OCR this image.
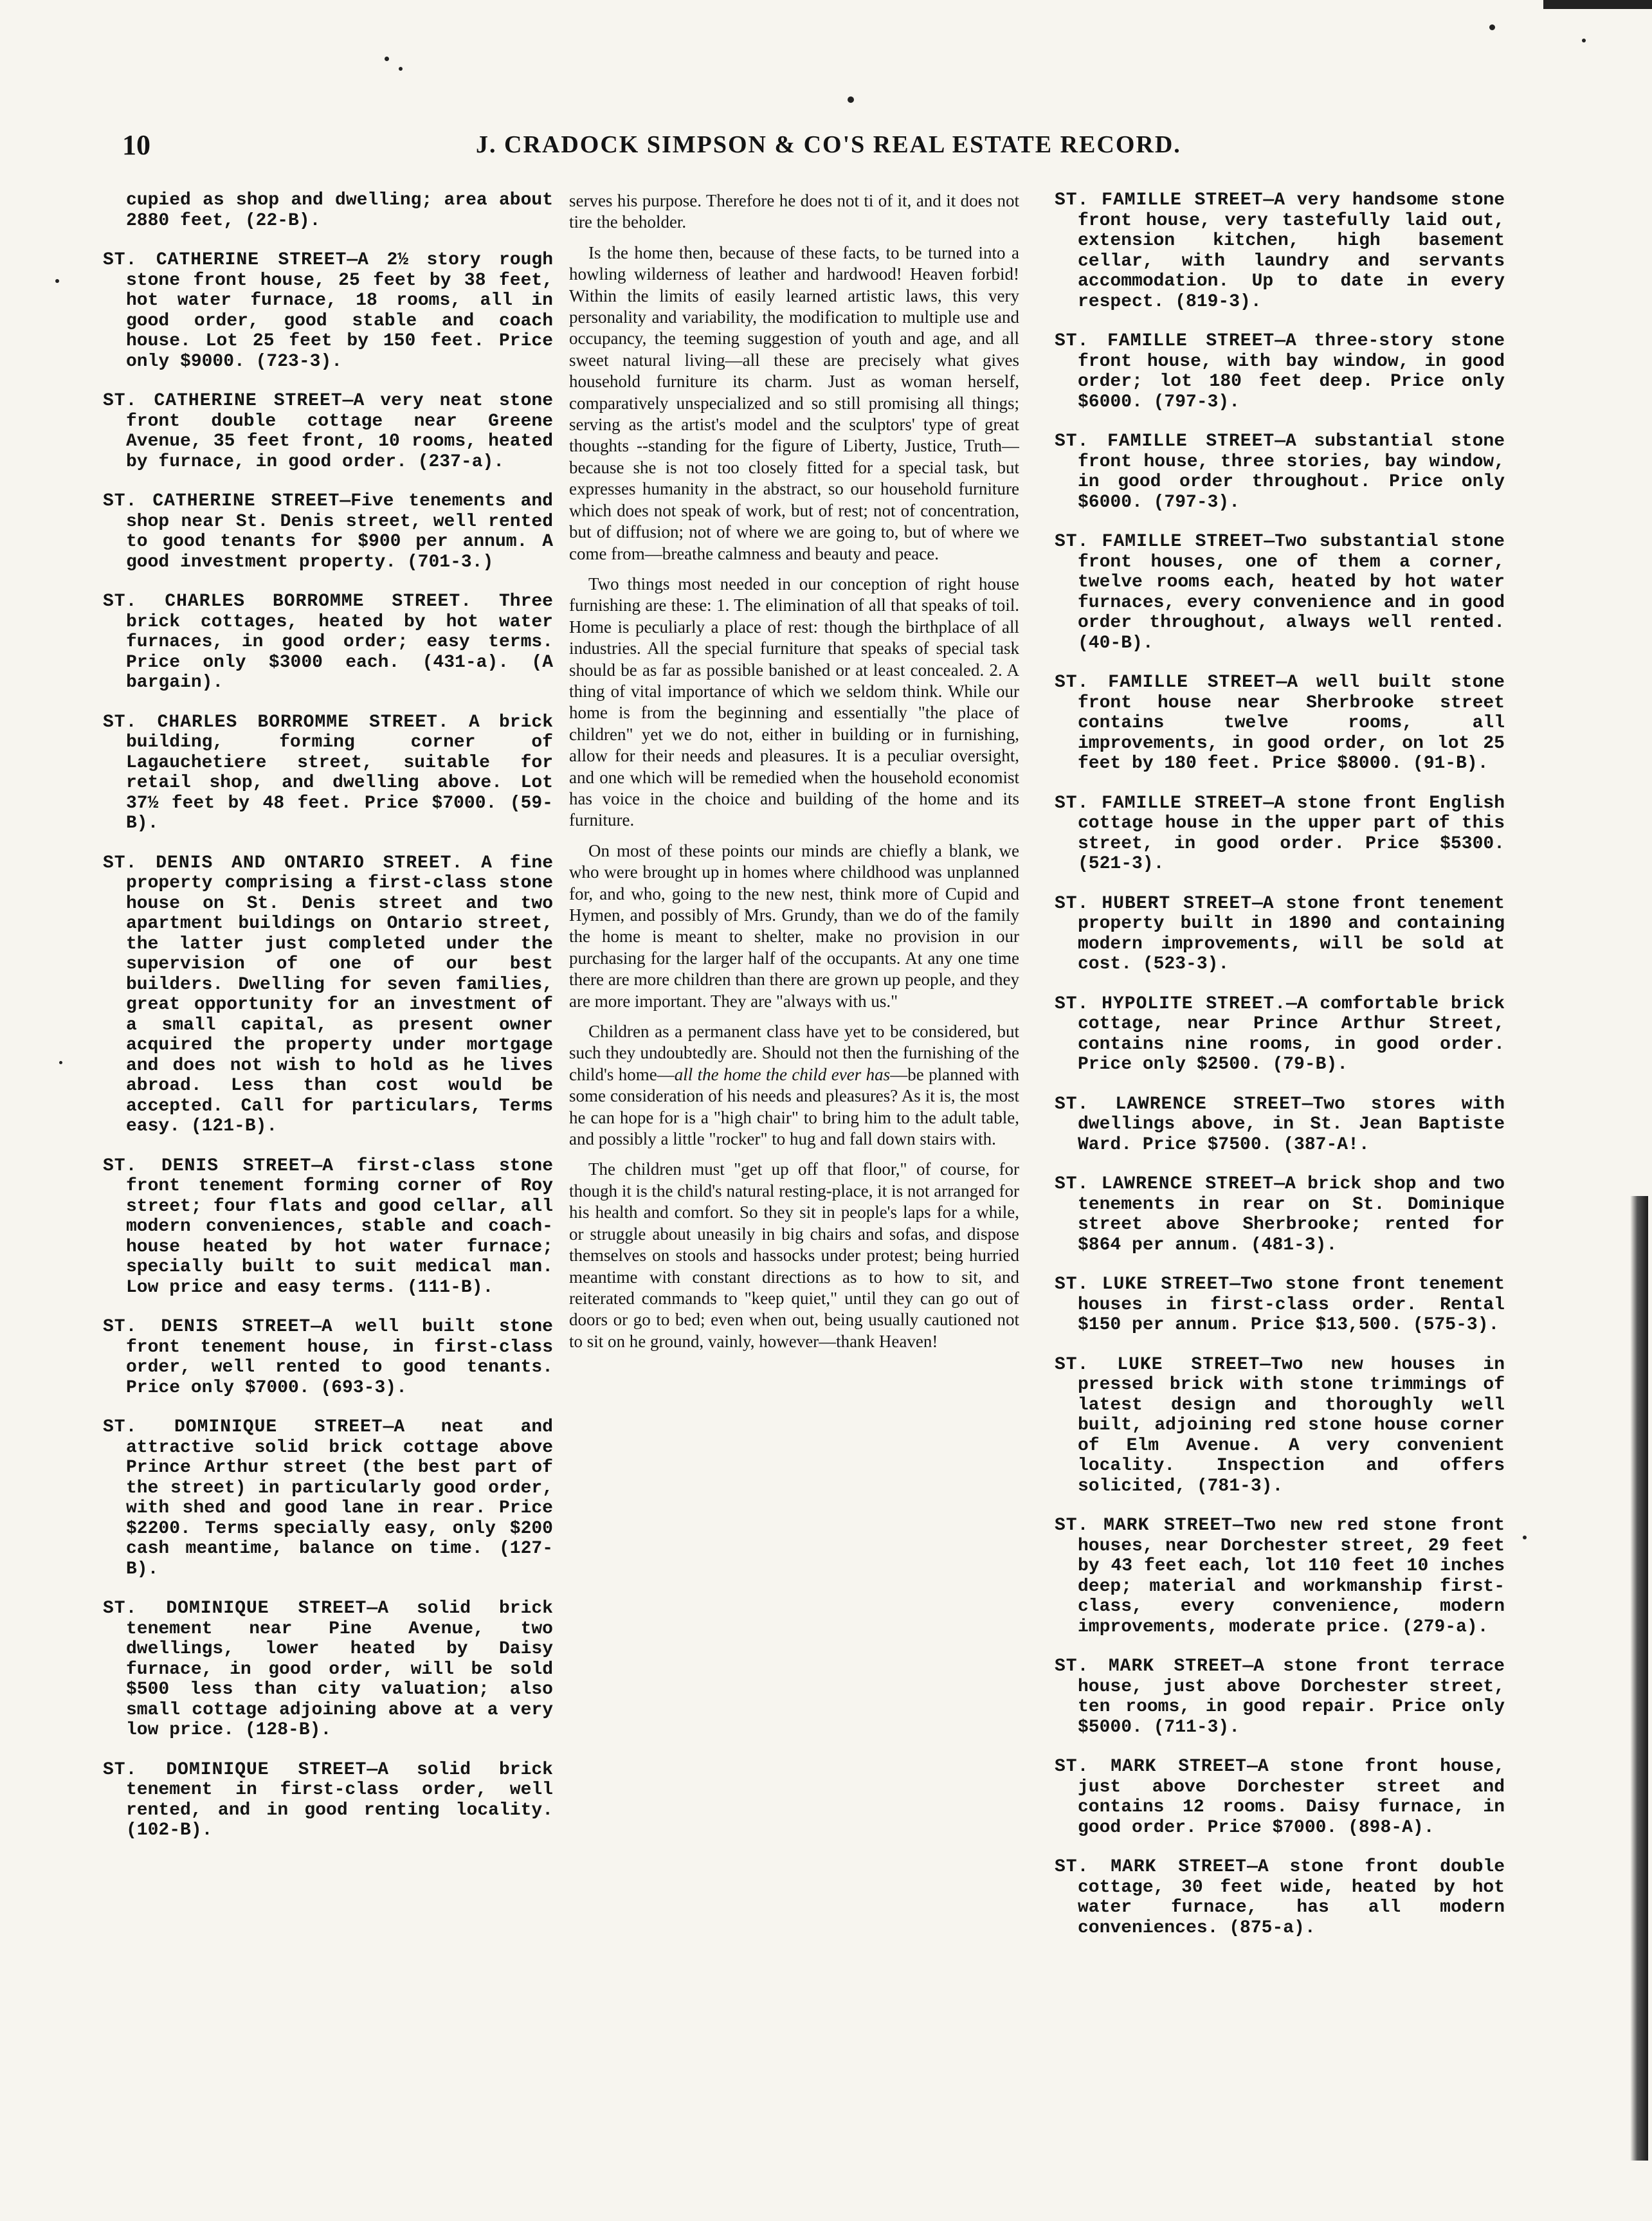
10	J. CRADOCK SIMPSON & CO'S REAL ESTATE RECORD.

cupied as shop and dwelling; area about 2880 feet, (22-B).

ST. CATHERINE STREET—A 2½ story rough stone front house, 25 feet by 38 feet, hot water furnace, 18 rooms, all in good order, good stable and coach house. Lot 25 feet by 150 feet. Price only $9000. (723-3).

ST. CATHERINE STREET—A very neat stone front double cottage near Greene Avenue, 35 feet front, 10 rooms, heated by furnace, in good order. (237-a).

ST. CATHERINE STREET—Five tenements and shop near St. Denis street, well rented to good tenants for $900 per annum. A good investment property. (701-3.)

ST. CHARLES BORROMME STREET. Three brick cottages, heated by hot water furnaces, in good order; easy terms. Price only $3000 each. (431-a). (A bargain).

ST. CHARLES BORROMME STREET. A brick building, forming corner of Lagauchetiere street, suitable for retail shop, and dwelling above. Lot 37½ feet by 48 feet. Price $7000. (59-B).

ST. DENIS AND ONTARIO STREET. A fine property comprising a first-class stone house on St. Denis street and two apartment buildings on Ontario street, the latter just completed under the supervision of one of our best builders. Dwelling for seven families, great opportunity for an investment of a small capital, as present owner acquired the property under mortgage and does not wish to hold as he lives abroad. Less than cost would be accepted. Call for particulars, Terms easy. (121-B).

ST. DENIS STREET—A first-class stone front tenement forming corner of Roy street; four flats and good cellar, all modern conveniences, stable and coach-house heated by hot water furnace; specially built to suit medical man. Low price and easy terms. (111-B).

ST. DENIS STREET—A well built stone front tenement house, in first-class order, well rented to good tenants. Price only $7000. (693-3).

ST. DOMINIQUE STREET—A neat and attractive solid brick cottage above Prince Arthur street (the best part of the street) in particularly good order, with shed and good lane in rear. Price $2200. Terms specially easy, only $200 cash meantime, balance on time. (127-B).

ST. DOMINIQUE STREET—A solid brick tenement near Pine Avenue, two dwellings, lower heated by Daisy furnace, in good order, will be sold $500 less than city valuation; also small cottage adjoining above at a very low price. (128-B).

ST. DOMINIQUE STREET—A solid brick tenement in first-class order, well rented, and in good renting locality. (102-B).

serves his purpose. Therefore he does not ti of it, and it does not tire the beholder.

Is the home then, because of these facts, to be turned into a howling wilderness of leather and hardwood! Heaven forbid! Within the limits of easily learned artistic laws, this very personality and variability, the modification to multiple use and occupancy, the teeming suggestion of youth and age, and all sweet natural living—all these are precisely what gives household furniture its charm. Just as woman herself, comparatively unspecialized and so still promising all things; serving as the artist's model and the sculptors' type of great thoughts --standing for the figure of Liberty, Justice, Truth—because she is not too closely fitted for a special task, but expresses humanity in the abstract, so our household furniture which does not speak of work, but of rest; not of concentration, but of diffusion; not of where we are going to, but of where we come from—breathe calmness and beauty and peace.

Two things most needed in our conception of right house furnishing are these: 1. The elimination of all that speaks of toil. Home is peculiarly a place of rest: though the birthplace of all industries. All the special furniture that speaks of special task should be as far as possible banished or at least concealed. 2. A thing of vital importance of which we seldom think. While our home is from the beginning and essentially "the place of children" yet we do not, either in building or in furnishing, allow for their needs and pleasures. It is a peculiar oversight, and one which will be remedied when the household economist has voice in the choice and building of the home and its furniture.

On most of these points our minds are chiefly a blank, we who were brought up in homes where childhood was unplanned for, and who, going to the new nest, think more of Cupid and Hymen, and possibly of Mrs. Grundy, than we do of the family the home is meant to shelter, make no provision in our purchasing for the larger half of the occupants. At any one time there are more children than there are grown up people, and they are more important. They are "always with us."

Children as a permanent class have yet to be considered, but such they undoubtedly are. Should not then the furnishing of the child's home—all the home the child ever has—be planned with some consideration of his needs and pleasures? As it is, the most he can hope for is a "high chair" to bring him to the adult table, and possibly a little "rocker" to hug and fall down stairs with.

The children must "get up off that floor," of course, for though it is the child's natural resting-place, it is not arranged for his health and comfort. So they sit in people's laps for a while, or struggle about uneasily in big chairs and sofas, and dispose themselves on stools and hassocks under protest; being hurried meantime with constant directions as to how to sit, and reiterated commands to "keep quiet," until they can go out of doors or go to bed; even when out, being usually cautioned not to sit on he ground, vainly, however—thank Heaven!

ST. FAMILLE STREET—A very handsome stone front house, very tastefully laid out, extension kitchen, high basement cellar, with laundry and servants accommodation. Up to date in every respect. (819-3).

ST. FAMILLE STREET—A three-story stone front house, with bay window, in good order; lot 180 feet deep. Price only $6000. (797-3).

ST. FAMILLE STREET—A substantial stone front house, three stories, bay window, in good order throughout. Price only $6000. (797-3).

ST. FAMILLE STREET—Two substantial stone front houses, one of them a corner, twelve rooms each, heated by hot water furnaces, every convenience and in good order throughout, always well rented. (40-B).

ST. FAMILLE STREET—A well built stone front house near Sherbrooke street contains twelve rooms, all improvements, in good order, on lot 25 feet by 180 feet. Price $8000. (91-B).

ST. FAMILLE STREET—A stone front English cottage house in the upper part of this street, in good order. Price $5300. (521-3).

ST. HUBERT STREET—A stone front tenement property built in 1890 and containing modern improvements, will be sold at cost. (523-3).

ST. HYPOLITE STREET.—A comfortable brick cottage, near Prince Arthur Street, contains nine rooms, in good order. Price only $2500. (79-B).

ST. LAWRENCE STREET—Two stores with dwellings above, in St. Jean Baptiste Ward. Price $7500. (387-A!.

ST. LAWRENCE STREET—A brick shop and two tenements in rear on St. Dominique street above Sherbrooke; rented for $864 per annum. (481-3).

ST. LUKE STREET—Two stone front tenement houses in first-class order. Rental $150 per annum. Price $13,500. (575-3).

ST. LUKE STREET—Two new houses in pressed brick with stone trimmings of latest design and thoroughly well built, adjoining red stone house corner of Elm Avenue. A very convenient locality. Inspection and offers solicited, (781-3).

ST. MARK STREET—Two new red stone front houses, near Dorchester street, 29 feet by 43 feet each, lot 110 feet 10 inches deep; material and workmanship first-class, every convenience, modern improvements, moderate price. (279-a).

ST. MARK STREET—A stone front terrace house, just above Dorchester street, ten rooms, in good repair. Price only $5000. (711-3).

ST. MARK STREET—A stone front house, just above Dorchester street and contains 12 rooms. Daisy furnace, in good order. Price $7000. (898-A).

ST. MARK STREET—A stone front double cottage, 30 feet wide, heated by hot water furnace, has all modern conveniences. (875-a).
